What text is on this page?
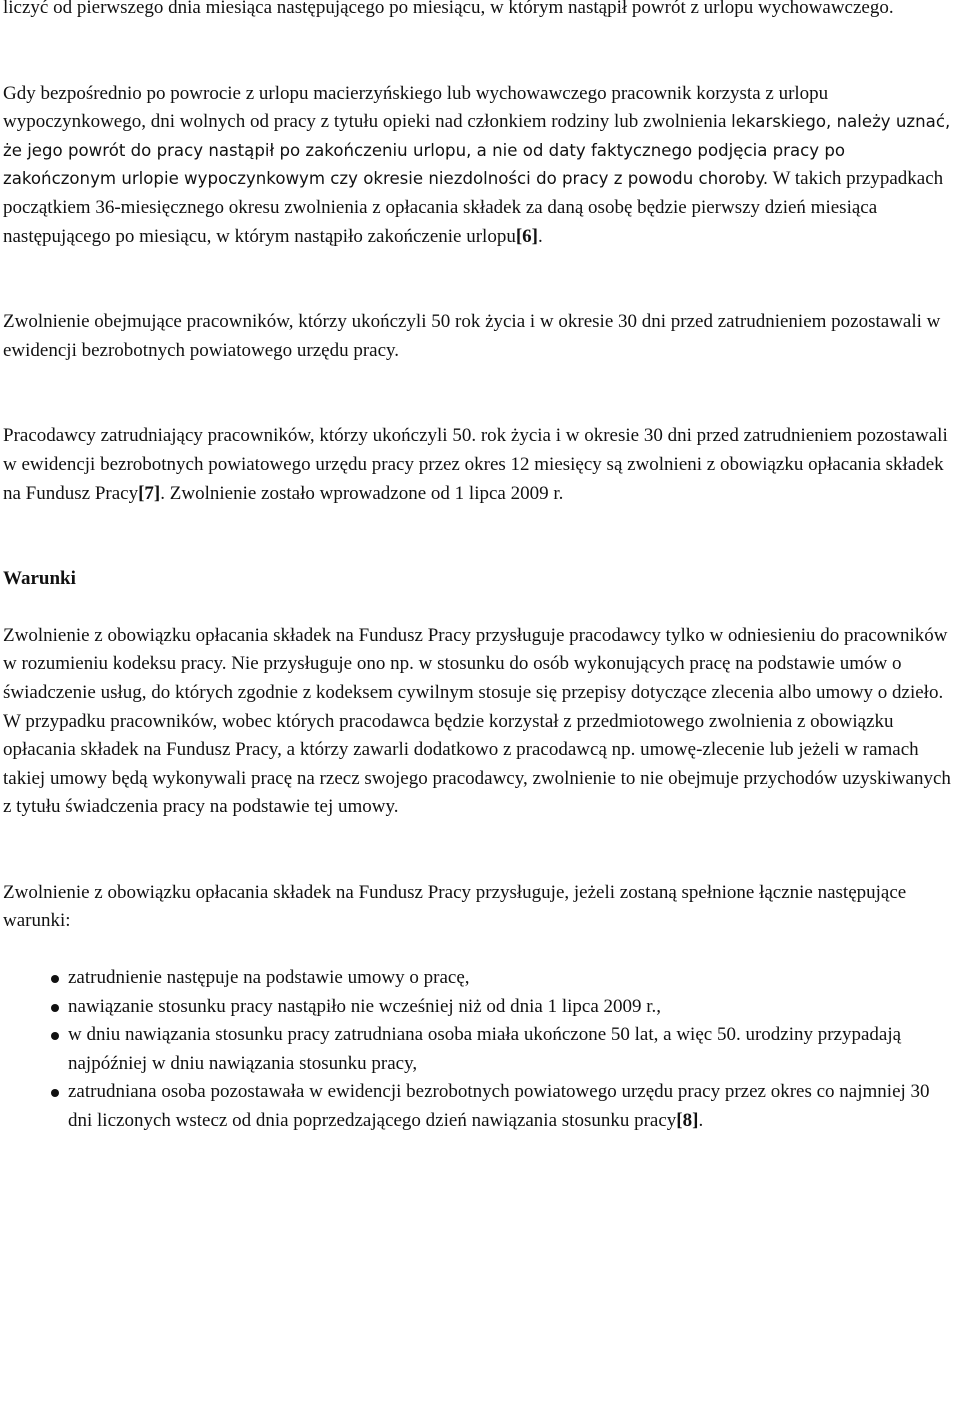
liczyć od pierwszego dnia miesiąca następującego po miesiącu, w którym nastąpił powrót z urlopu wychowawczego.

Gdy bezpośrednio po powrocie z urlopu macierzyńskiego lub wychowawczego pracownik korzysta z urlopu wypoczynkowego, dni wolnych od pracy z tytułu opieki nad członkiem rodziny lub zwolnienia lekarskiego, należy uznać, że jego powrót do pracy nastąpił po zakończeniu urlopu, a nie od daty faktycznego podjęcia pracy po zakończonym urlopie wypoczynkowym czy okresie niezdolności do pracy z powodu choroby. W takich przypadkach początkiem 36-miesięcznego okresu zwolnienia z opłacania składek za daną osobę będzie pierwszy dzień miesiąca następującego po miesiącu, w którym nastąpiło zakończenie urlopu[6].

Zwolnienie obejmujące pracowników, którzy ukończyli 50 rok życia i w okresie 30 dni przed zatrudnieniem pozostawali w ewidencji bezrobotnych powiatowego urzędu pracy.

Pracodawcy zatrudniający pracowników, którzy ukończyli 50. rok życia i w okresie 30 dni przed zatrudnieniem pozostawali w ewidencji bezrobotnych powiatowego urzędu pracy przez okres 12 miesięcy są zwolnieni z obowiązku opłacania składek na Fundusz Pracy[7]. Zwolnienie zostało wprowadzone od 1 lipca 2009 r.

Warunki

Zwolnienie z obowiązku opłacania składek na Fundusz Pracy przysługuje pracodawcy tylko w odniesieniu do pracowników w rozumieniu kodeksu pracy. Nie przysługuje ono np. w stosunku do osób wykonujących pracę na podstawie umów o świadczenie usług, do których zgodnie z kodeksem cywilnym stosuje się przepisy dotyczące zlecenia albo umowy o dzieło. W przypadku pracowników, wobec których pracodawca będzie korzystał z przedmiotowego zwolnienia z obowiązku opłacania składek na Fundusz Pracy, a którzy zawarli dodatkowo z pracodawcą np. umowę-zlecenie lub jeżeli w ramach takiej umowy będą wykonywali pracę na rzecz swojego pracodawcy, zwolnienie to nie obejmuje przychodów uzyskiwanych z tytułu świadczenia pracy na podstawie tej umowy.

Zwolnienie z obowiązku opłacania składek na Fundusz Pracy przysługuje, jeżeli zostaną spełnione łącznie następujące warunki:

zatrudnienie następuje na podstawie umowy o pracę,
nawiązanie stosunku pracy nastąpiło nie wcześniej niż od dnia 1 lipca 2009 r.,
w dniu nawiązania stosunku pracy zatrudniana osoba miała ukończone 50 lat, a więc 50. urodziny przypadają najpóźniej w dniu nawiązania stosunku pracy,
zatrudniana osoba pozostawała w ewidencji bezrobotnych powiatowego urzędu pracy przez okres co najmniej 30 dni liczonych wstecz od dnia poprzedzającego dzień nawiązania stosunku pracy[8].
